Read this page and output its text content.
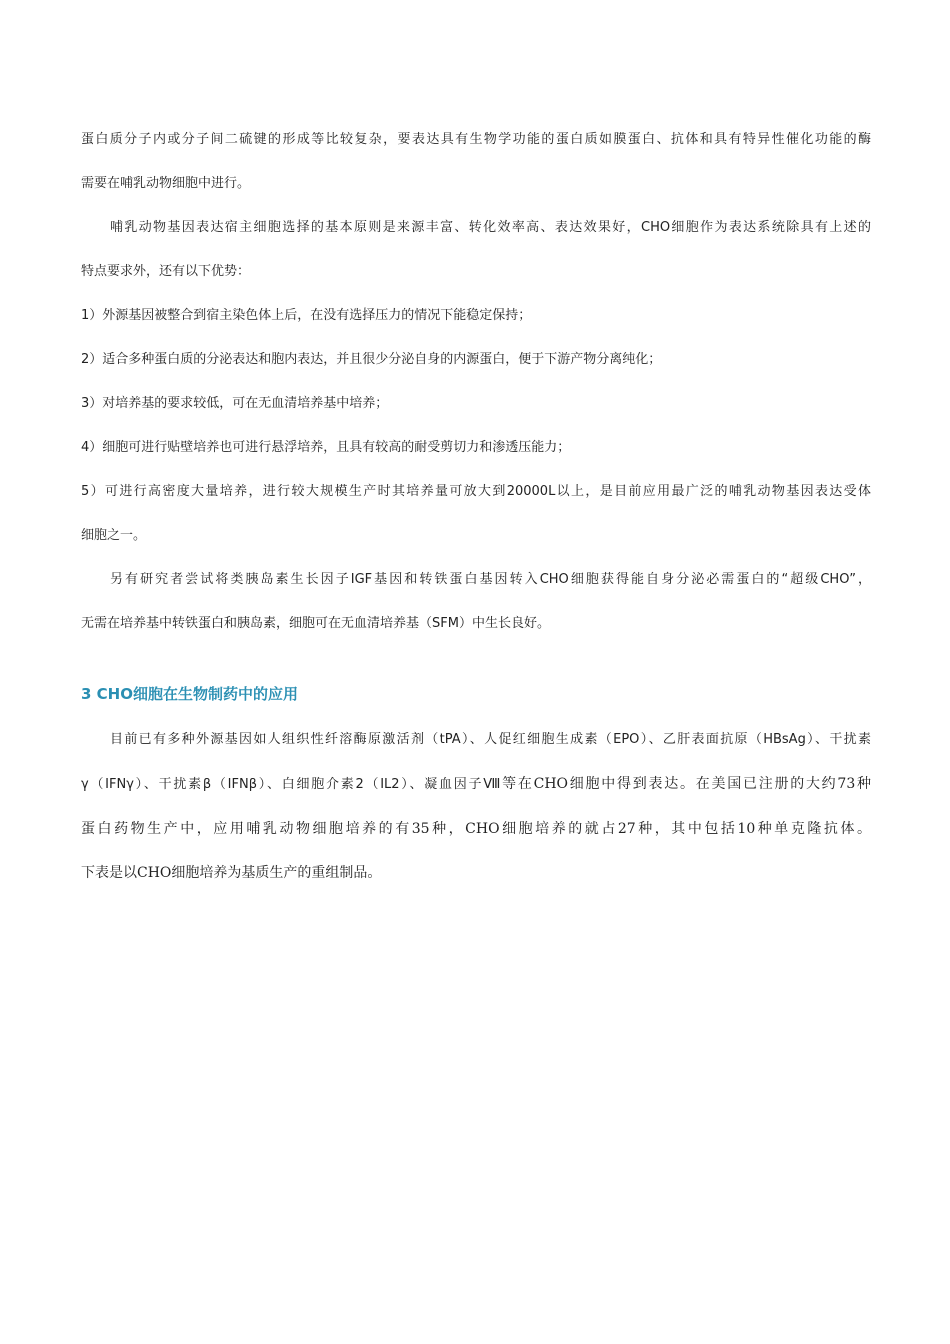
蛋白质分子内或分子间二硫键的形成等比较复杂，要表达具有生物学功能的蛋白质如膜蛋白、抗体和具有特异性催化功能的酶

需要在哺乳动物细胞中进行。

哺乳动物基因表达宿主细胞选择的基本原则是来源丰富、转化效率高、表达效果好，CHO细胞作为表达系统除具有上述的

特点要求外，还有以下优势：

1）外源基因被整合到宿主染色体上后，在没有选择压力的情况下能稳定保持；

2）适合多种蛋白质的分泌表达和胞内表达，并且很少分泌自身的内源蛋白，便于下游产物分离纯化；

3）对培养基的要求较低，可在无血清培养基中培养；

4）细胞可进行贴壁培养也可进行悬浮培养，且具有较高的耐受剪切力和渗透压能力；

5）可进行高密度大量培养，进行较大规模生产时其培养量可放大到20000L以上，是目前应用最广泛的哺乳动物基因表达受体

细胞之一。

另有研究者尝试将类胰岛素生长因子IGF基因和转铁蛋白基因转入CHO细胞获得能自身分泌必需蛋白的“超级CHO”，

无需在培养基中转铁蛋白和胰岛素，细胞可在无血清培养基（SFM）中生长良好。

3 CHO细胞在生物制药中的应用

目前已有多种外源基因如人组织性纤溶酶原激活剂（tPA）、人促红细胞生成素（EPO）、乙肝表面抗原（HBsAg）、干扰素

γ（IFNγ）、干扰素β（IFNβ）、白细胞介素2（IL2）、凝血因子Ⅷ等在CHO细胞中得到表达。在美国已注册的大约73种

蛋白药物生产中，应用哺乳动物细胞培养的有35种，CHO细胞培养的就占27种，其中包括10种单克隆抗体。

下表是以CHO细胞培养为基质生产的重组制品。
